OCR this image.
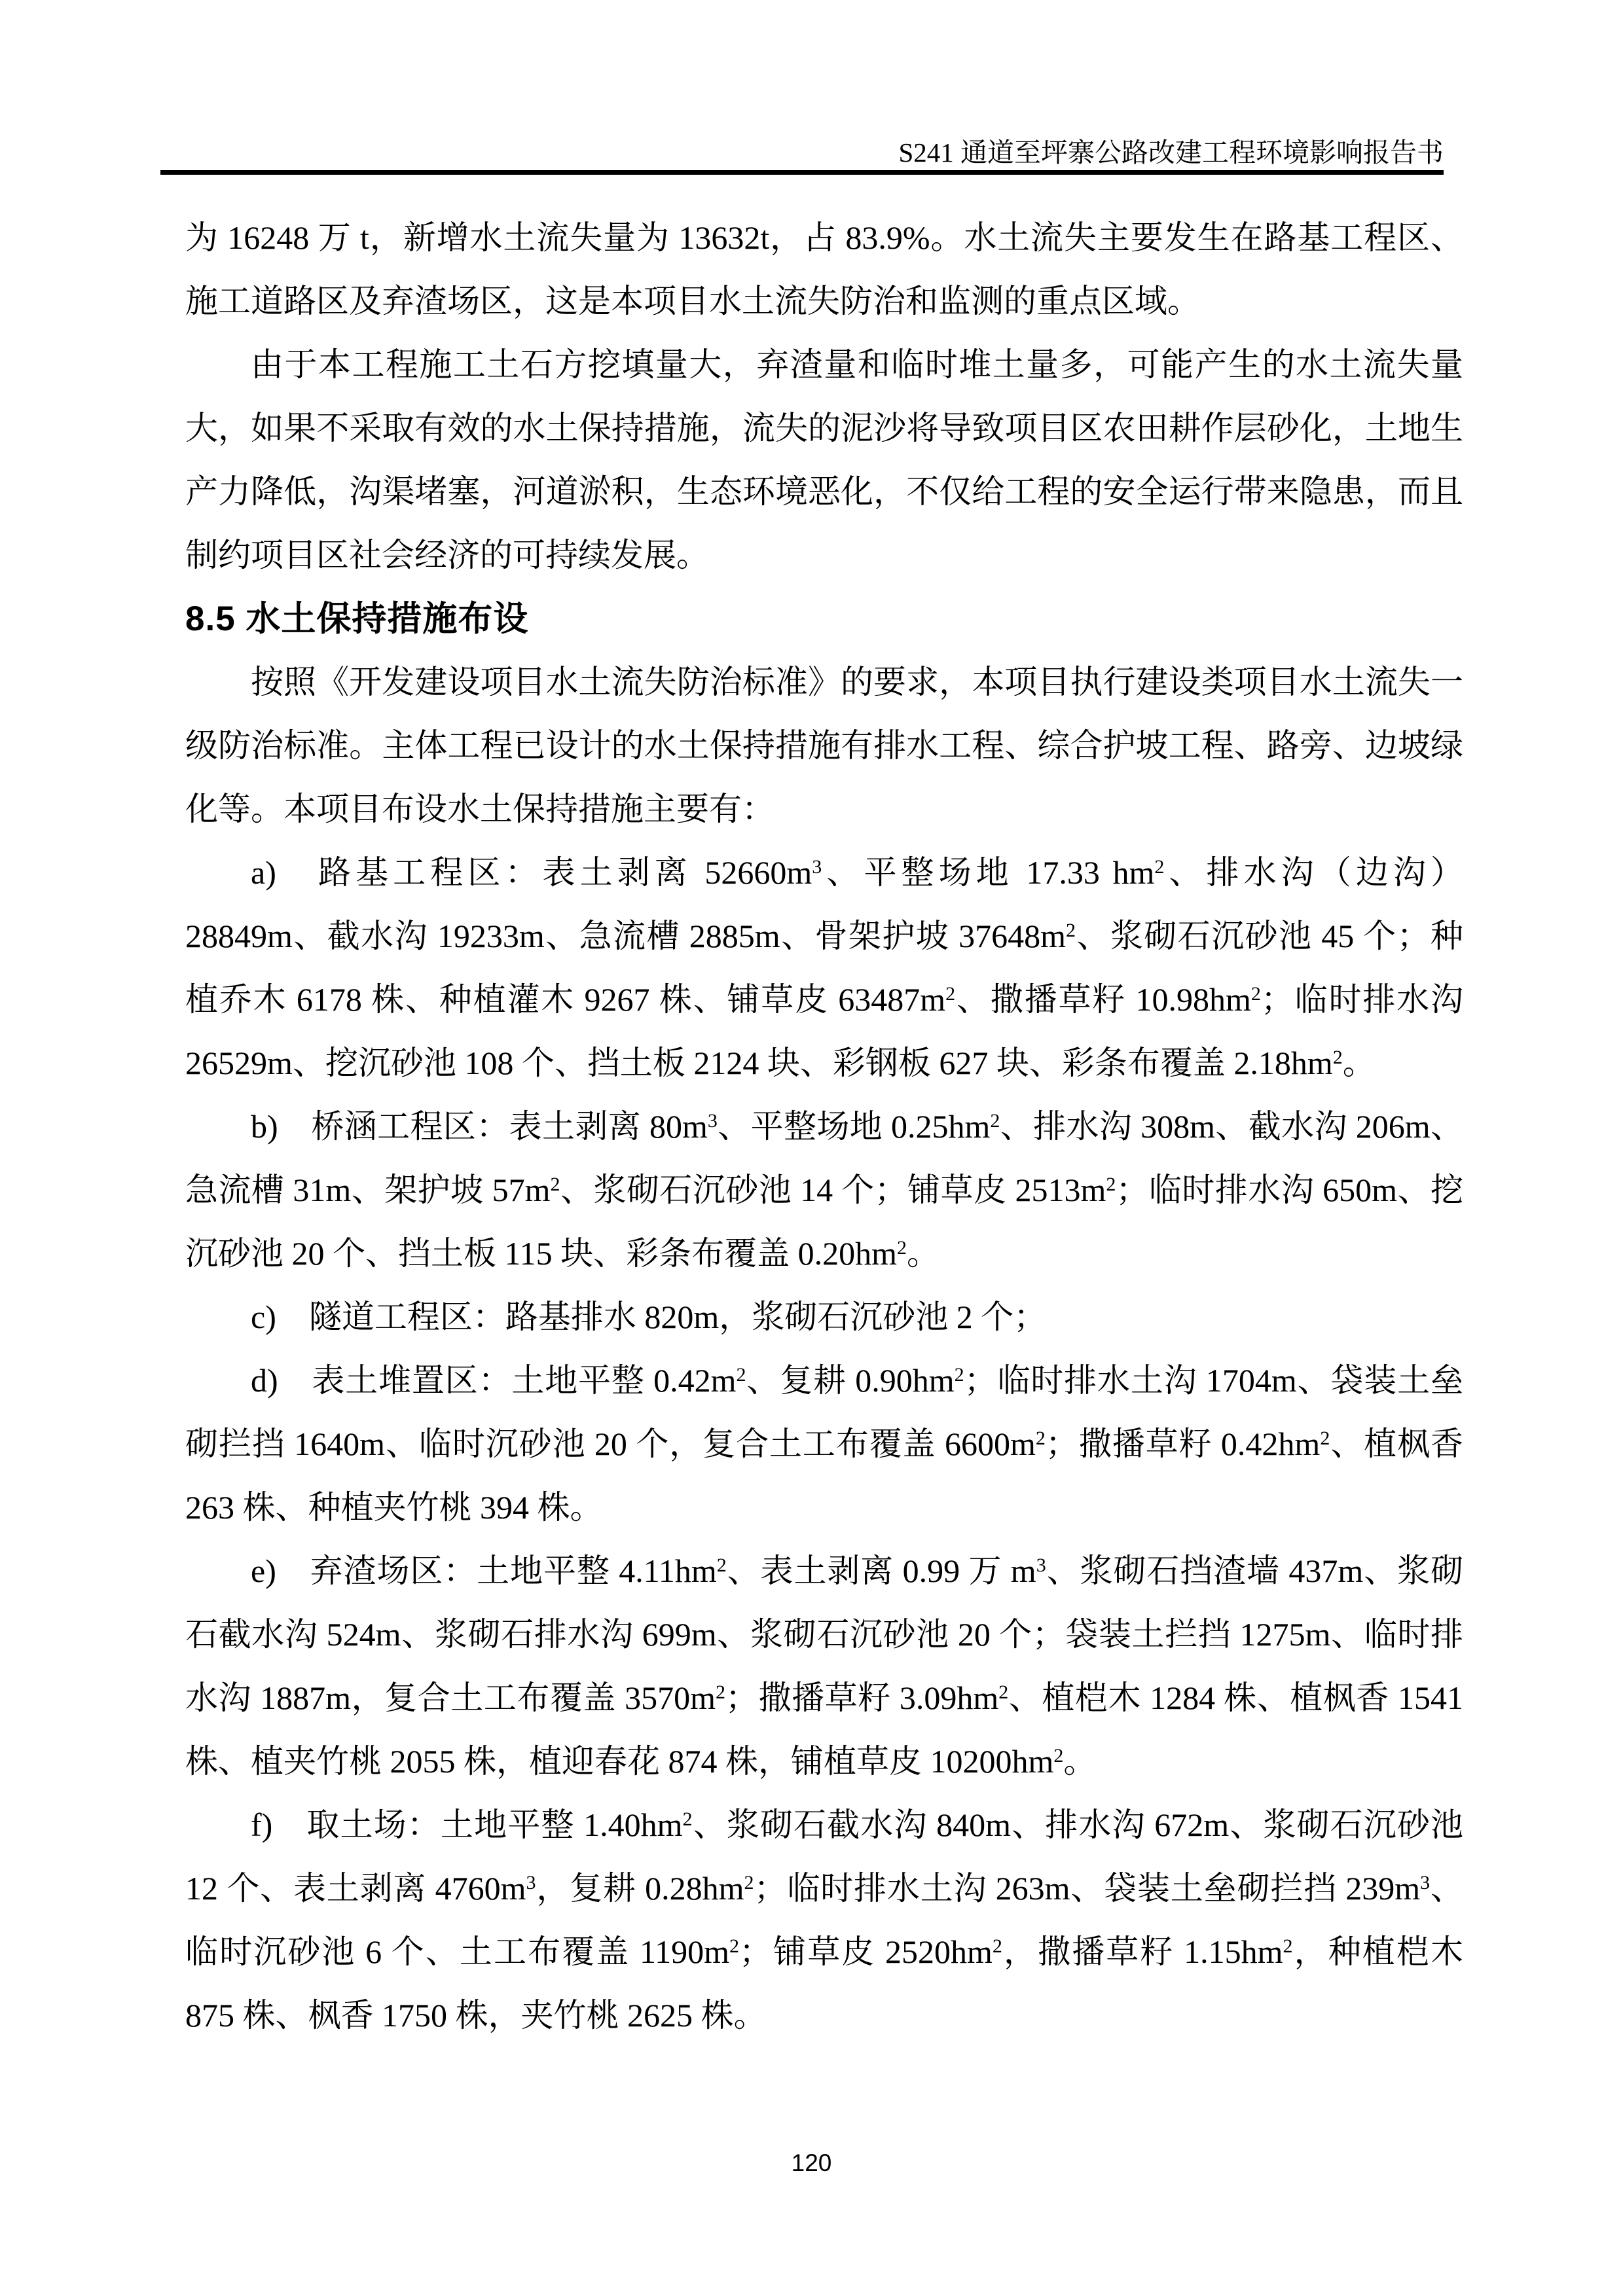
S241 通道至坪寨公路改建工程环境影响报告书

为 16248 万 t，新增水土流失量为 13632t，占 83.9%。水土流失主要发生在路基工程区、施工道路区及弃渣场区，这是本项目水土流失防治和监测的重点区域。

由于本工程施工土石方挖填量大，弃渣量和临时堆土量多，可能产生的水土流失量大，如果不采取有效的水土保持措施，流失的泥沙将导致项目区农田耕作层砂化，土地生产力降低，沟渠堵塞，河道淤积，生态环境恶化，不仅给工程的安全运行带来隐患，而且制约项目区社会经济的可持续发展。

8.5 水土保持措施布设

按照《开发建设项目水土流失防治标准》的要求，本项目执行建设类项目水土流失一级防治标准。主体工程已设计的水土保持措施有排水工程、综合护坡工程、路旁、边坡绿化等。本项目布设水土保持措施主要有：

a)　路基工程区：表土剥离 $52660m^3$、平整场地 17.33 $hm^2$、排水沟（边沟）28849m、截水沟 19233m、急流槽 2885m、骨架护坡 $37648m^2$、浆砌石沉砂池 45 个；种植乔木 6178 株、种植灌木 9267 株、铺草皮 $63487m^2$、撒播草籽 $10.98hm^2$；临时排水沟 26529m、挖沉砂池 108 个、挡土板 2124 块、彩钢板 627 块、彩条布覆盖 $2.18hm^2$。

b)　桥涵工程区：表土剥离 $80m^3$、平整场地 $0.25hm^2$、排水沟 308m、截水沟 206m、急流槽 31m、架护坡 $57m^2$、浆砌石沉砂池 14 个；铺草皮 $2513m^2$；临时排水沟 650m、挖沉砂池 20 个、挡土板 115 块、彩条布覆盖 $0.20hm^2$。

c)　隧道工程区：路基排水 820m，浆砌石沉砂池 2 个；

d)　表土堆置区：土地平整 $0.42m^2$、复耕 $0.90hm^2$；临时排水土沟 1704m、袋装土垒砌拦挡 1640m、临时沉砂池 20 个，复合土工布覆盖 $6600m^2$；撒播草籽 $0.42hm^2$、植枫香 263 株、种植夹竹桃 394 株。

e)　弃渣场区：土地平整 $4.11hm^2$、表土剥离 0.99 万 $m^3$、浆砌石挡渣墙 437m、浆砌石截水沟 524m、浆砌石排水沟 699m、浆砌石沉砂池 20 个；袋装土拦挡 1275m、临时排水沟 1887m，复合土工布覆盖 $3570m^2$；撒播草籽 $3.09hm^2$、植桤木 1284 株、植枫香 1541 株、植夹竹桃 2055 株，植迎春花 874 株，铺植草皮 $10200hm^2$。

f)　取土场：土地平整 $1.40hm^2$、浆砌石截水沟 840m、排水沟 672m、浆砌石沉砂池 12 个、表土剥离 $4760m^3$，复耕 $0.28hm^2$；临时排水土沟 263m、袋装土垒砌拦挡 $239m^3$、临时沉砂池 6 个、土工布覆盖 $1190m^2$；铺草皮 $2520hm^2$，撒播草籽 $1.15hm^2$，种植桤木 875 株、枫香 1750 株，夹竹桃 2625 株。

120
